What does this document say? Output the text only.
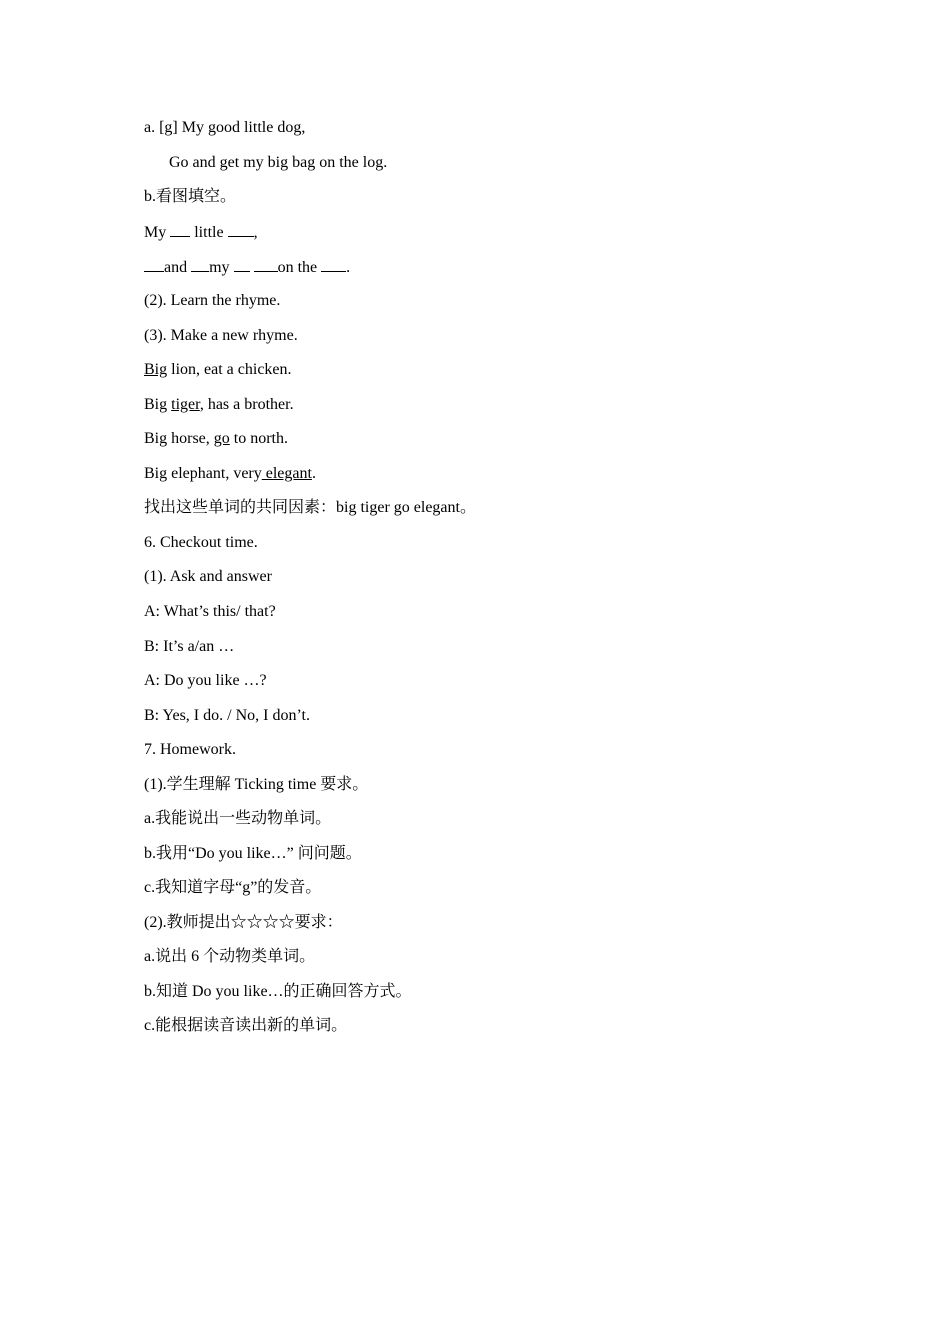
a. [g] My good little dog,
Go and get my big bag on the log.
b.看图填空。
My  little ,
and my	on the .
(2). Learn the rhyme.
(3). Make a new rhyme.
Big lion, eat a chicken.
Big tiger, has a brother.
Big horse, go to north.
Big elephant, very elegant.
找出这些单词的共同因素：big tiger go elegant。
6. Checkout time.
(1). Ask and answer
A: What’s this/ that?
B: It’s a/an …
A: Do you like …?
B: Yes, I do. / No, I don’t.
7. Homework.
(1).学生理解 Ticking time 要求。
a.我能说出一些动物单词。
b.我用“Do you like…” 问问题。
c.我知道字母“g”的发音。
(2).教师提出☆☆☆☆要求：
a.说出 6 个动物类单词。
b.知道 Do you like…的正确回答方式。
c.能根据读音读出新的单词。
